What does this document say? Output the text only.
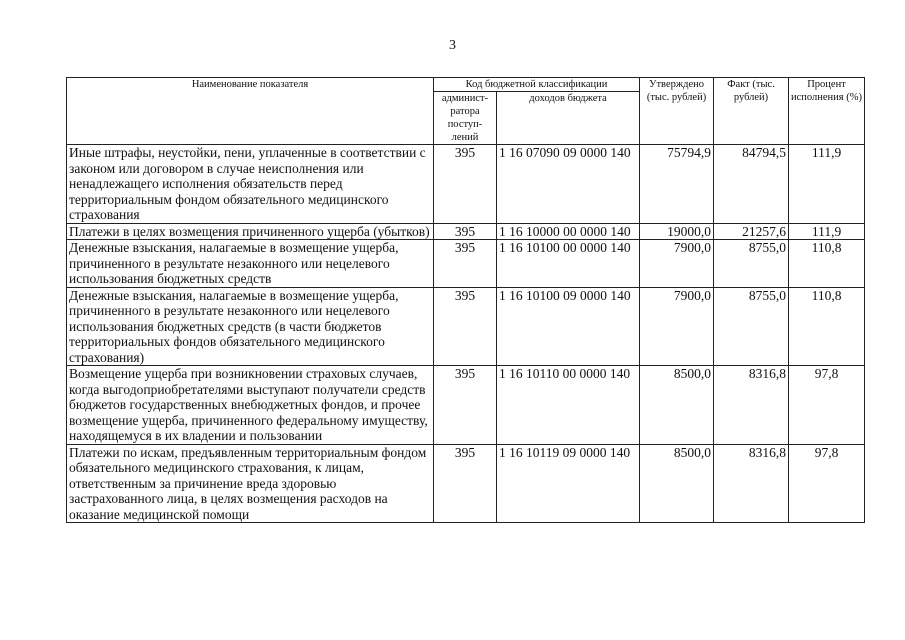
3
Наименование показателя	Код бюджетной классификации		Утверждено (тыс. рублей)	Факт (тыс. рублей)	Процент исполнения (%)
	админист-ратора поступ-лений	доходов бюджета			
Иные штрафы, неустойки, пени, уплаченные в соответствии с законом или договором в случае неисполнения или ненадлежащего исполнения обязательств перед территориальным фондом обязательного медицинского страхования	395	1 16 07090 09 0000 140	75794,9	84794,5	111,9
Платежи в целях возмещения причиненного ущерба (убытков)	395	1 16 10000 00 0000 140	19000,0	21257,6	111,9
Денежные взыскания, налагаемые в возмещение ущерба, причиненного в результате незаконного или нецелевого использования бюджетных средств	395	1 16 10100 00 0000 140	7900,0	8755,0	110,8
Денежные взыскания, налагаемые в возмещение ущерба, причиненного в результате незаконного или нецелевого использования бюджетных средств (в части бюджетов территориальных фондов обязательного медицинского страхования)	395	1 16 10100 09 0000 140	7900,0	8755,0	110,8
Возмещение ущерба при возникновении страховых случаев, когда выгодоприобретателями выступают получатели средств бюджетов государственных внебюджетных фондов, и прочее возмещение ущерба, причиненного федеральному имуществу, находящемуся в их владении и пользовании	395	1 16 10110 00 0000 140	8500,0	8316,8	97,8
Платежи по искам, предъявленным территориальным фондом обязательного медицинского страхования, к лицам, ответственным за причинение вреда здоровью застрахованного лица, в целях возмещения расходов на оказание медицинской помощи	395	1 16 10119 09 0000 140	8500,0	8316,8	97,8
